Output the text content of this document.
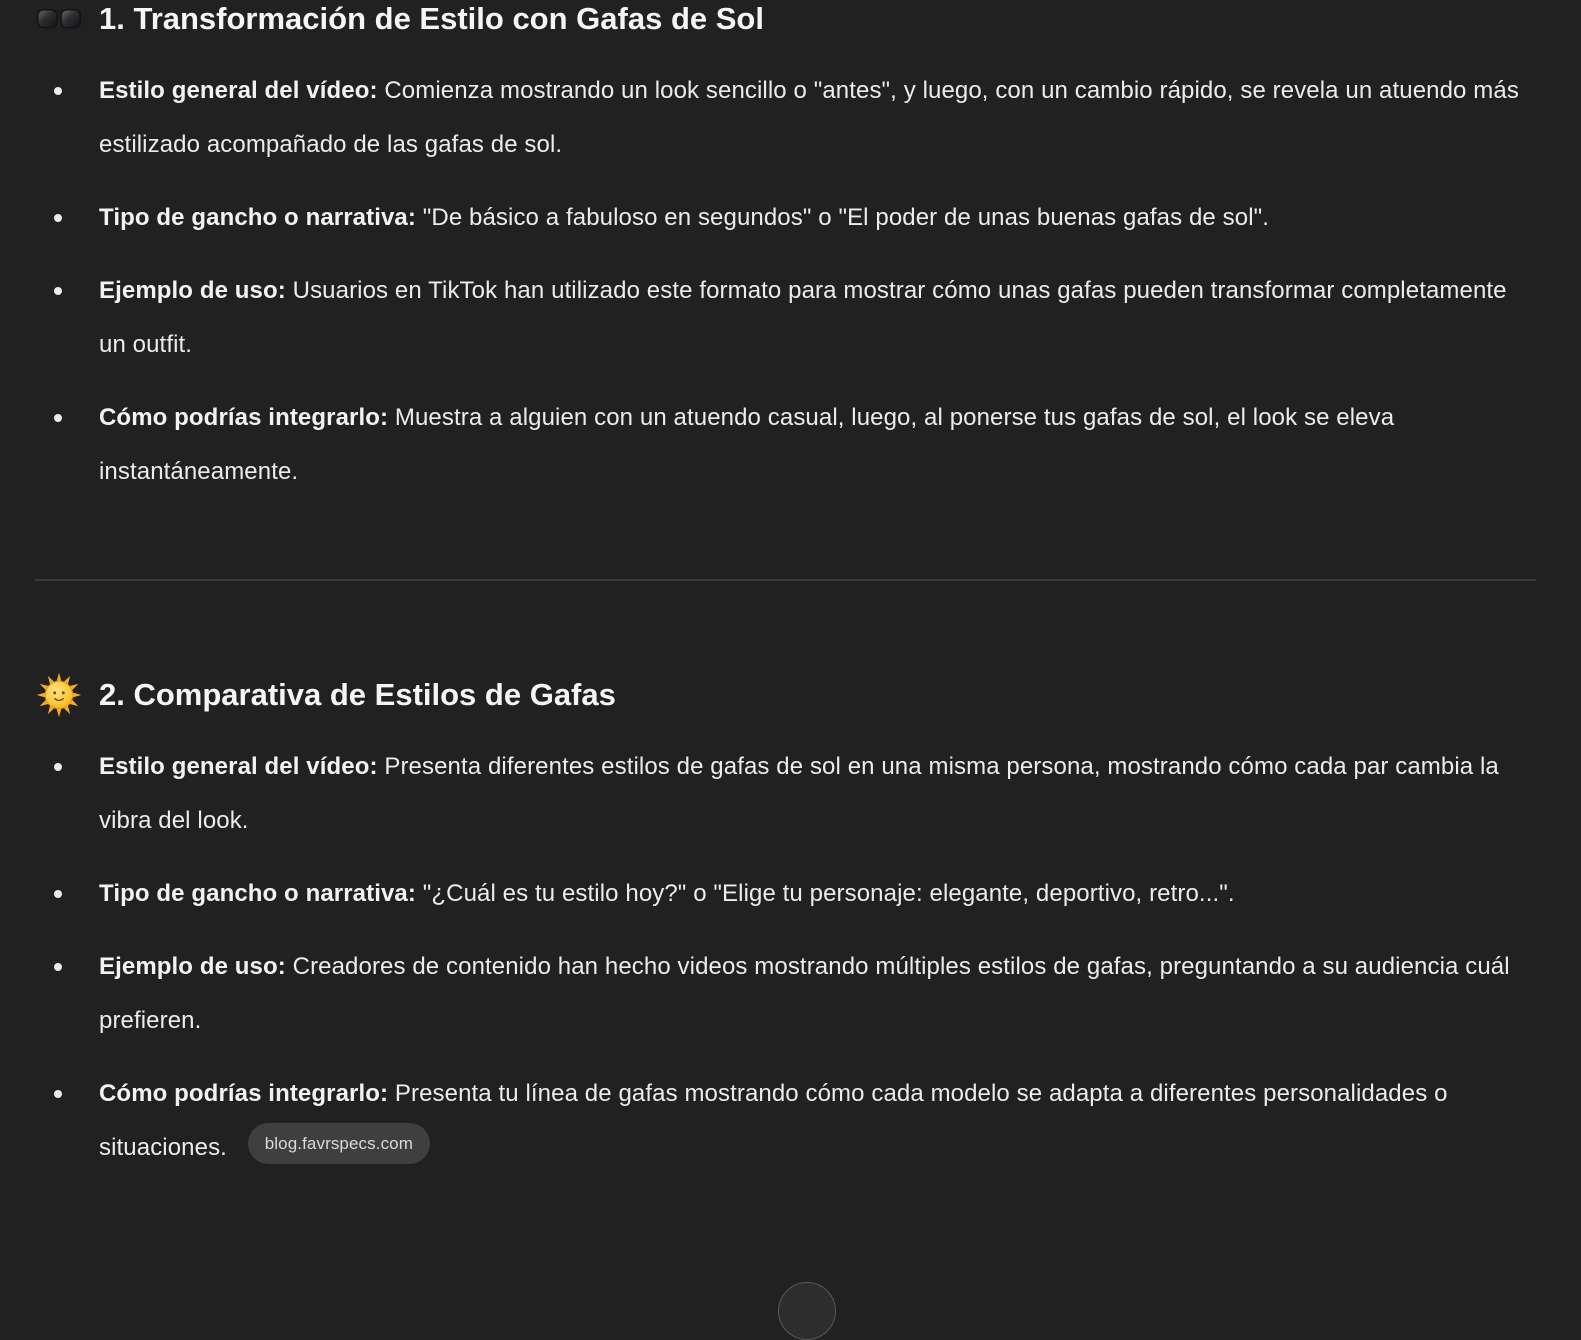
1. Transformación de Estilo con Gafas de Sol
Estilo general del vídeo: Comienza mostrando un look sencillo o "antes", y luego, con un cambio rápido, se revela un atuendo más estilizado acompañado de las gafas de sol.
Tipo de gancho o narrativa: "De básico a fabuloso en segundos" o "El poder de unas buenas gafas de sol".
Ejemplo de uso: Usuarios en TikTok han utilizado este formato para mostrar cómo unas gafas pueden transformar completamente un outfit.
Cómo podrías integrarlo: Muestra a alguien con un atuendo casual, luego, al ponerse tus gafas de sol, el look se eleva instantáneamente.
2. Comparativa de Estilos de Gafas
Estilo general del vídeo: Presenta diferentes estilos de gafas de sol en una misma persona, mostrando cómo cada par cambia la vibra del look.
Tipo de gancho o narrativa: "¿Cuál es tu estilo hoy?" o "Elige tu personaje: elegante, deportivo, retro...".
Ejemplo de uso: Creadores de contenido han hecho videos mostrando múltiples estilos de gafas, preguntando a su audiencia cuál prefieren.
Cómo podrías integrarlo: Presenta tu línea de gafas mostrando cómo cada modelo se adapta a diferentes personalidades o situaciones. blog.favrspecs.com
